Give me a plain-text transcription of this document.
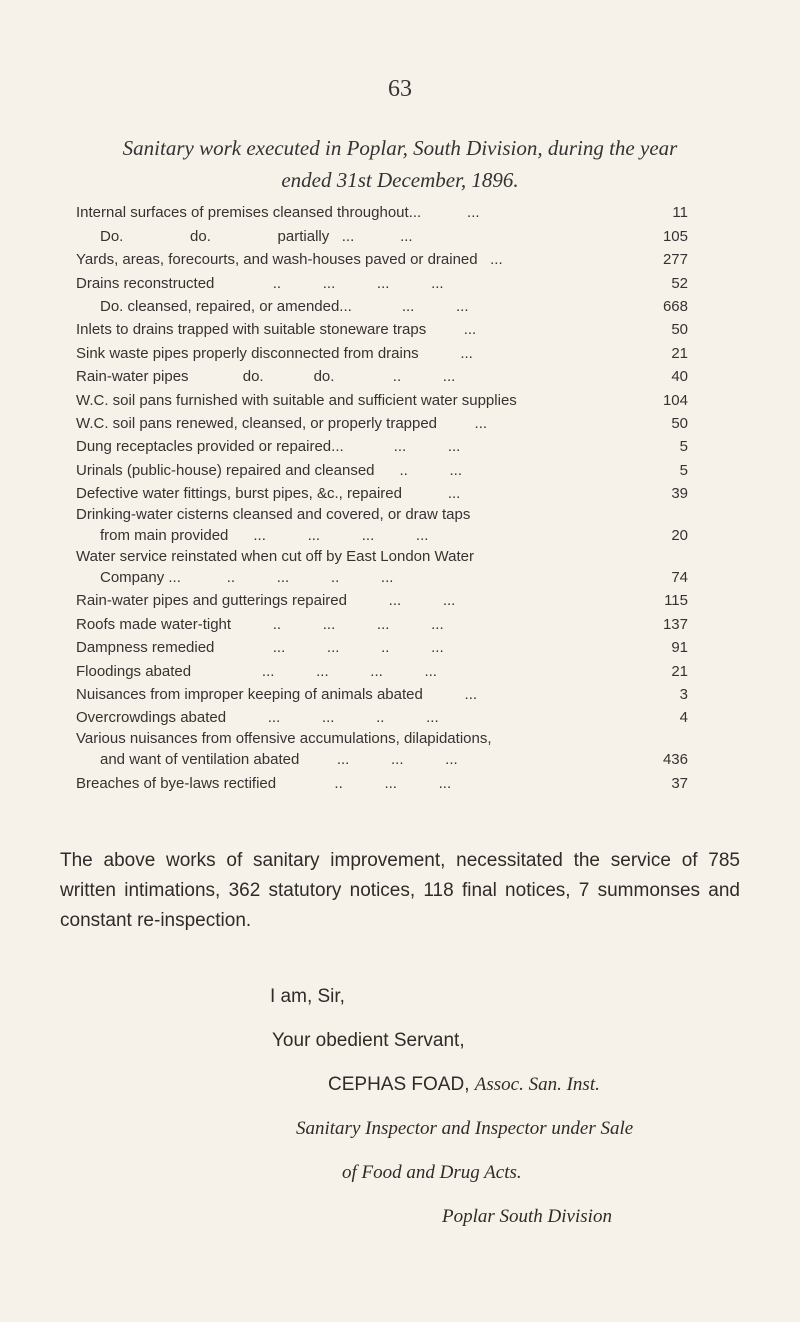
63
Sanitary work executed in Poplar, South Division, during the year
ended 31st December, 1896.
Internal surfaces of premises cleansed throughout...           ...	11
Do.                do.                partially   ...           ...	105
Yards, areas, forecourts, and wash-houses paved or drained   ...	277
Drains reconstructed              ..          ...          ...          ...	52
Do. cleansed, repaired, or amended...            ...          ...	668
Inlets to drains trapped with suitable stoneware traps         ...	50
Sink waste pipes properly disconnected from drains          ...	21
Rain-water pipes             do.            do.              ..          ...	40
W.C. soil pans furnished with suitable and sufficient water supplies	104
W.C. soil pans renewed, cleansed, or properly trapped         ...	50
Dung receptacles provided or repaired...            ...          ...	5
Urinals (public-house) repaired and cleansed      ..          ...	5
Defective water fittings, burst pipes, &c., repaired           ...	39
Drinking-water cisterns cleansed and covered, or draw taps
from main provided      ...          ...          ...          ...	20
Water service reinstated when cut off by East London Water
Company ...           ..          ...          ..          ...	74
Rain-water pipes and gutterings repaired          ...          ...	115
Roofs made water-tight          ..          ...          ...          ...	137
Dampness remedied              ...          ...          ..          ...	91
Floodings abated                 ...          ...          ...          ...	21
Nuisances from improper keeping of animals abated          ...	3
Overcrowdings abated          ...          ...          ..          ...	4
Various nuisances from offensive accumulations, dilapidations,
and want of ventilation abated         ...          ...          ...	436
Breaches of bye-laws rectified              ..          ...          ...	37
The above works of sanitary improvement, necessitated the service of 785 written intimations, 362 statutory notices, 118 final notices, 7 summonses and constant re-inspection.
I am, Sir,
Your obedient Servant,
CEPHAS FOAD, Assoc. San. Inst.
Sanitary Inspector and Inspector under Sale
of Food and Drug Acts.
Poplar South Division
